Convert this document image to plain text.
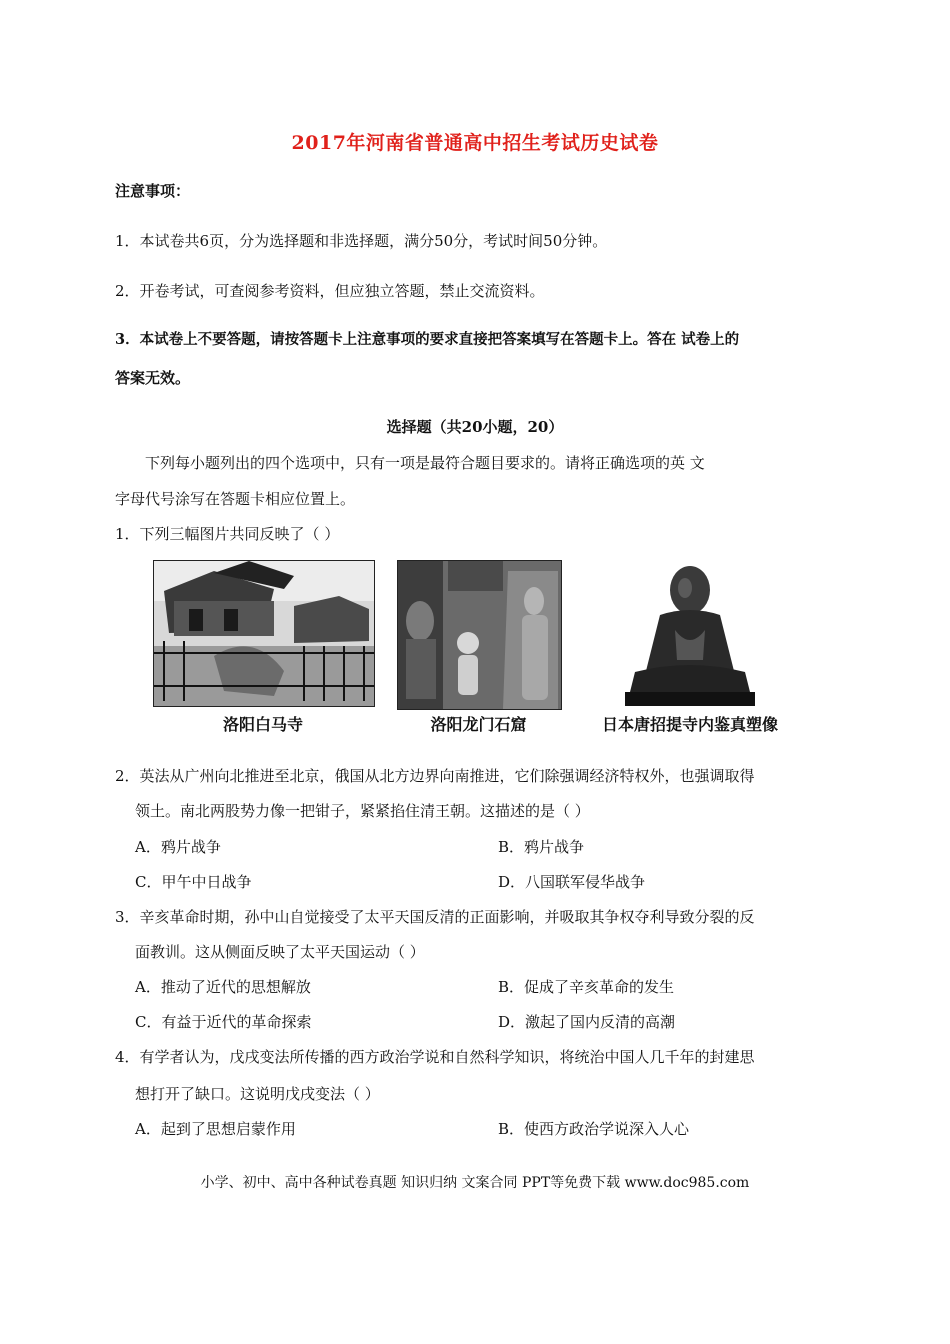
2017年河南省普通高中招生考试历史试卷
注意事项：
1．本试卷共6页，分为选择题和非选择题，满分50分，考试时间50分钟。
2．开卷考试，可查阅参考资料，但应独立答题，禁止交流资料。
3．本试卷上不要答题，请按答题卡上注意事项的要求直接把答案填写在答题卡上。答在 试卷上的
答案无效。
选择题（共20小题，20）
下列每小题列出的四个选项中，只有一项是最符合题目要求的。请将正确选项的英 文
字母代号涂写在答题卡相应位置上。
1．下列三幅图片共同反映了（ ）
洛阳白马寺	洛阳龙门石窟	日本唐招提寺内鉴真塑像
2．英法从广州向北推进至北京，俄国从北方边界向南推进，它们除强调经济特权外，也强调取得
领土。南北两股势力像一把钳子，紧紧掐住清王朝。这描述的是（ ）
A．鸦片战争	B．鸦片战争
C．甲午中日战争	D．八国联军侵华战争
3．辛亥革命时期，孙中山自觉接受了太平天国反清的正面影响，并吸取其争权夺利导致分裂的反
面教训。这从侧面反映了太平天国运动（ ）
A．推动了近代的思想解放	B．促成了辛亥革命的发生
C．有益于近代的革命探索	D．激起了国内反清的高潮
4．有学者认为，戊戌变法所传播的西方政治学说和自然科学知识，将统治中国人几千年的封建思
想打开了缺口。这说明戊戌变法（ ）
A．起到了思想启蒙作用	B．使西方政治学说深入人心
小学、初中、高中各种试卷真题 知识归纳 文案合同 PPT等免费下载 www.doc985.com
